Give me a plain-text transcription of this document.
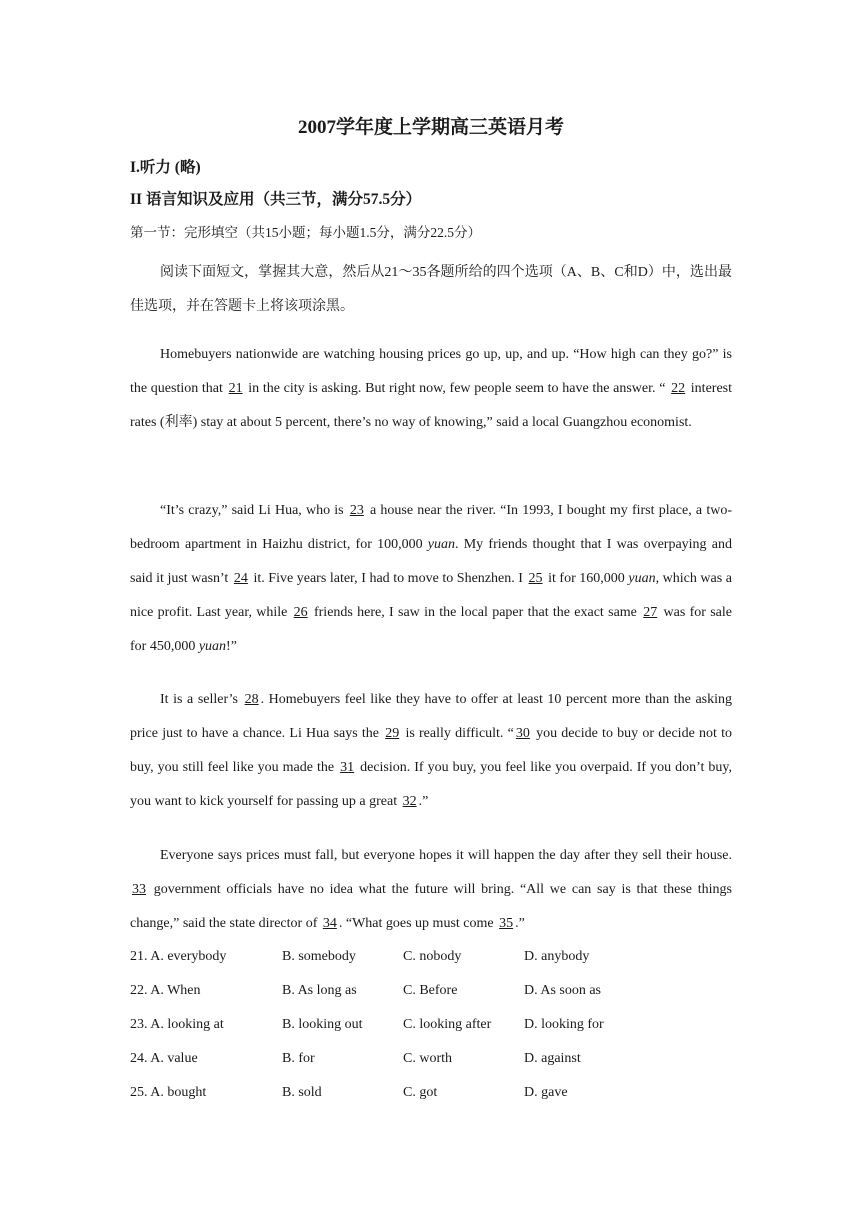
2007学年度上学期高三英语月考
I.听力 (略)
II 语言知识及应用（共三节，满分57.5分）
第一节：完形填空（共15小题；每小题1.5分，满分22.5分）
阅读下面短文，掌握其大意，然后从21～35各题所给的四个选项（A、B、C和D）中，选出最佳选项，并在答题卡上将该项涂黑。
Homebuyers nationwide are watching housing prices go up, up, and up. “How high can they go?” is the question that 21 in the city is asking. But right now, few people seem to have the answer. “ 22 interest rates (利率) stay at about 5 percent, there’s no way of knowing,” said a local Guangzhou economist.
“It’s crazy,” said Li Hua, who is 23 a house near the river. “In 1993, I bought my first place, a two-bedroom apartment in Haizhu district, for 100,000 yuan. My friends thought that I was overpaying and said it just wasn’t 24 it. Five years later, I had to move to Shenzhen. I 25 it for 160,000 yuan, which was a nice profit. Last year, while 26 friends here, I saw in the local paper that the exact same 27 was for sale for 450,000 yuan!”
It is a seller’s 28 . Homebuyers feel like they have to offer at least 10 percent more than the asking price just to have a chance. Li Hua says the 29 is really difficult. “ 30 you decide to buy or decide not to buy, you still feel like you made the 31 decision. If you buy, you feel like you overpaid. If you don’t buy, you want to kick yourself for passing up a great 32 .”
Everyone says prices must fall, but everyone hopes it will happen the day after they sell their house. 33 government officials have no idea what the future will bring. “All we can say is that these things change,” said the state director of 34 . “What goes up must come 35 .”
21. A. everybody	B. somebody	C. nobody	D. anybody
22. A. When	B. As long as	C. Before	D. As soon as
23. A. looking at	B. looking out	C. looking after D. looking for
24. A. value	B. for	C. worth	D. against
25. A. bought	B. sold	C. got	D. gave
